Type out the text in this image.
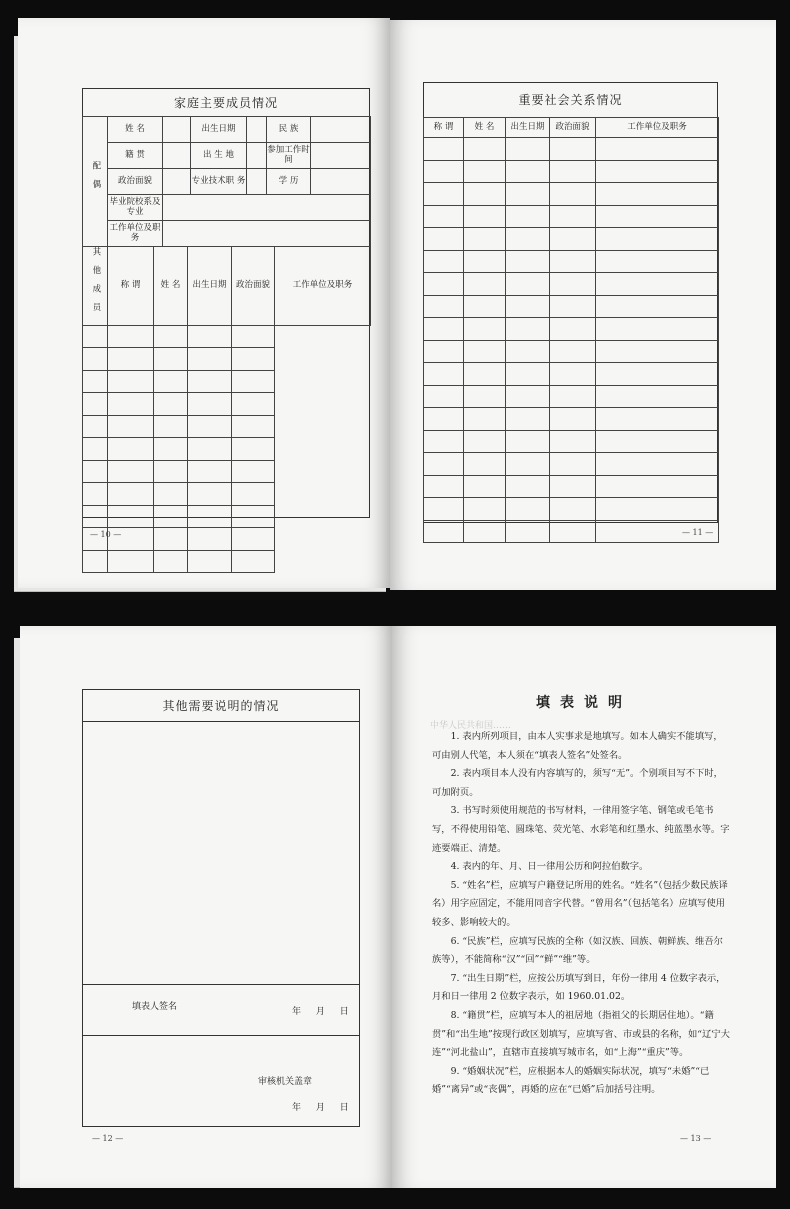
家庭主要成员情况
配偶	姓 名		出生日期		民 族	
	籍 贯		出 生 地		参加工作时 间	
	政治面貌		专业技术职 务		学 历	
	毕业院校系及专业					
	工作单位及职务					
其他成员	称 谓	姓 名	出生日期	政治面貌	工作单位及职务

— 10 —
重要社会关系情况
称 谓	姓 名	出生日期	政治面貌	工作单位及职务

— 11 —
其他需要说明的情况
填表人签名	年 月 日
审核机关盖章
年 月 日
— 12 —
中华人民共和国……
填表说明

1. 表内所列项目，由本人实事求是地填写。如本人确实不能填写，可由别人代笔，本人须在“填表人签名”处签名。

2. 表内项目本人没有内容填写的，须写“无”。个别项目写不下时，可加附页。

3. 书写时须使用规范的书写材料，一律用签字笔、钢笔或毛笔书写，不得使用铅笔、圆珠笔、荧光笔、水彩笔和红墨水、纯蓝墨水等。字迹要端正、清楚。

4. 表内的年、月、日一律用公历和阿拉伯数字。

5. “姓名”栏，应填写户籍登记所用的姓名。“姓名”（包括少数民族译名）用字应固定，不能用同音字代替。“曾用名”（包括笔名）应填写使用较多、影响较大的。

6. “民族”栏，应填写民族的全称（如汉族、回族、朝鲜族、维吾尔族等），不能简称“汉”“回”“鲜”“维”等。

7. “出生日期”栏，应按公历填写到日，年份一律用 4 位数字表示，月和日一律用 2 位数字表示，如 1960.01.02。

8. “籍贯”栏，应填写本人的祖居地（指祖父的长期居住地）。“籍贯”和“出生地”按现行政区划填写，应填写省、市或县的名称，如“辽宁大连”“河北盐山”，直辖市直接填写城市名，如“上海”“重庆”等。

9. “婚姻状况”栏，应根据本人的婚姻实际状况，填写“未婚”“已婚”“离异”或“丧偶”，再婚的应在“已婚”后加括号注明。

— 13 —
